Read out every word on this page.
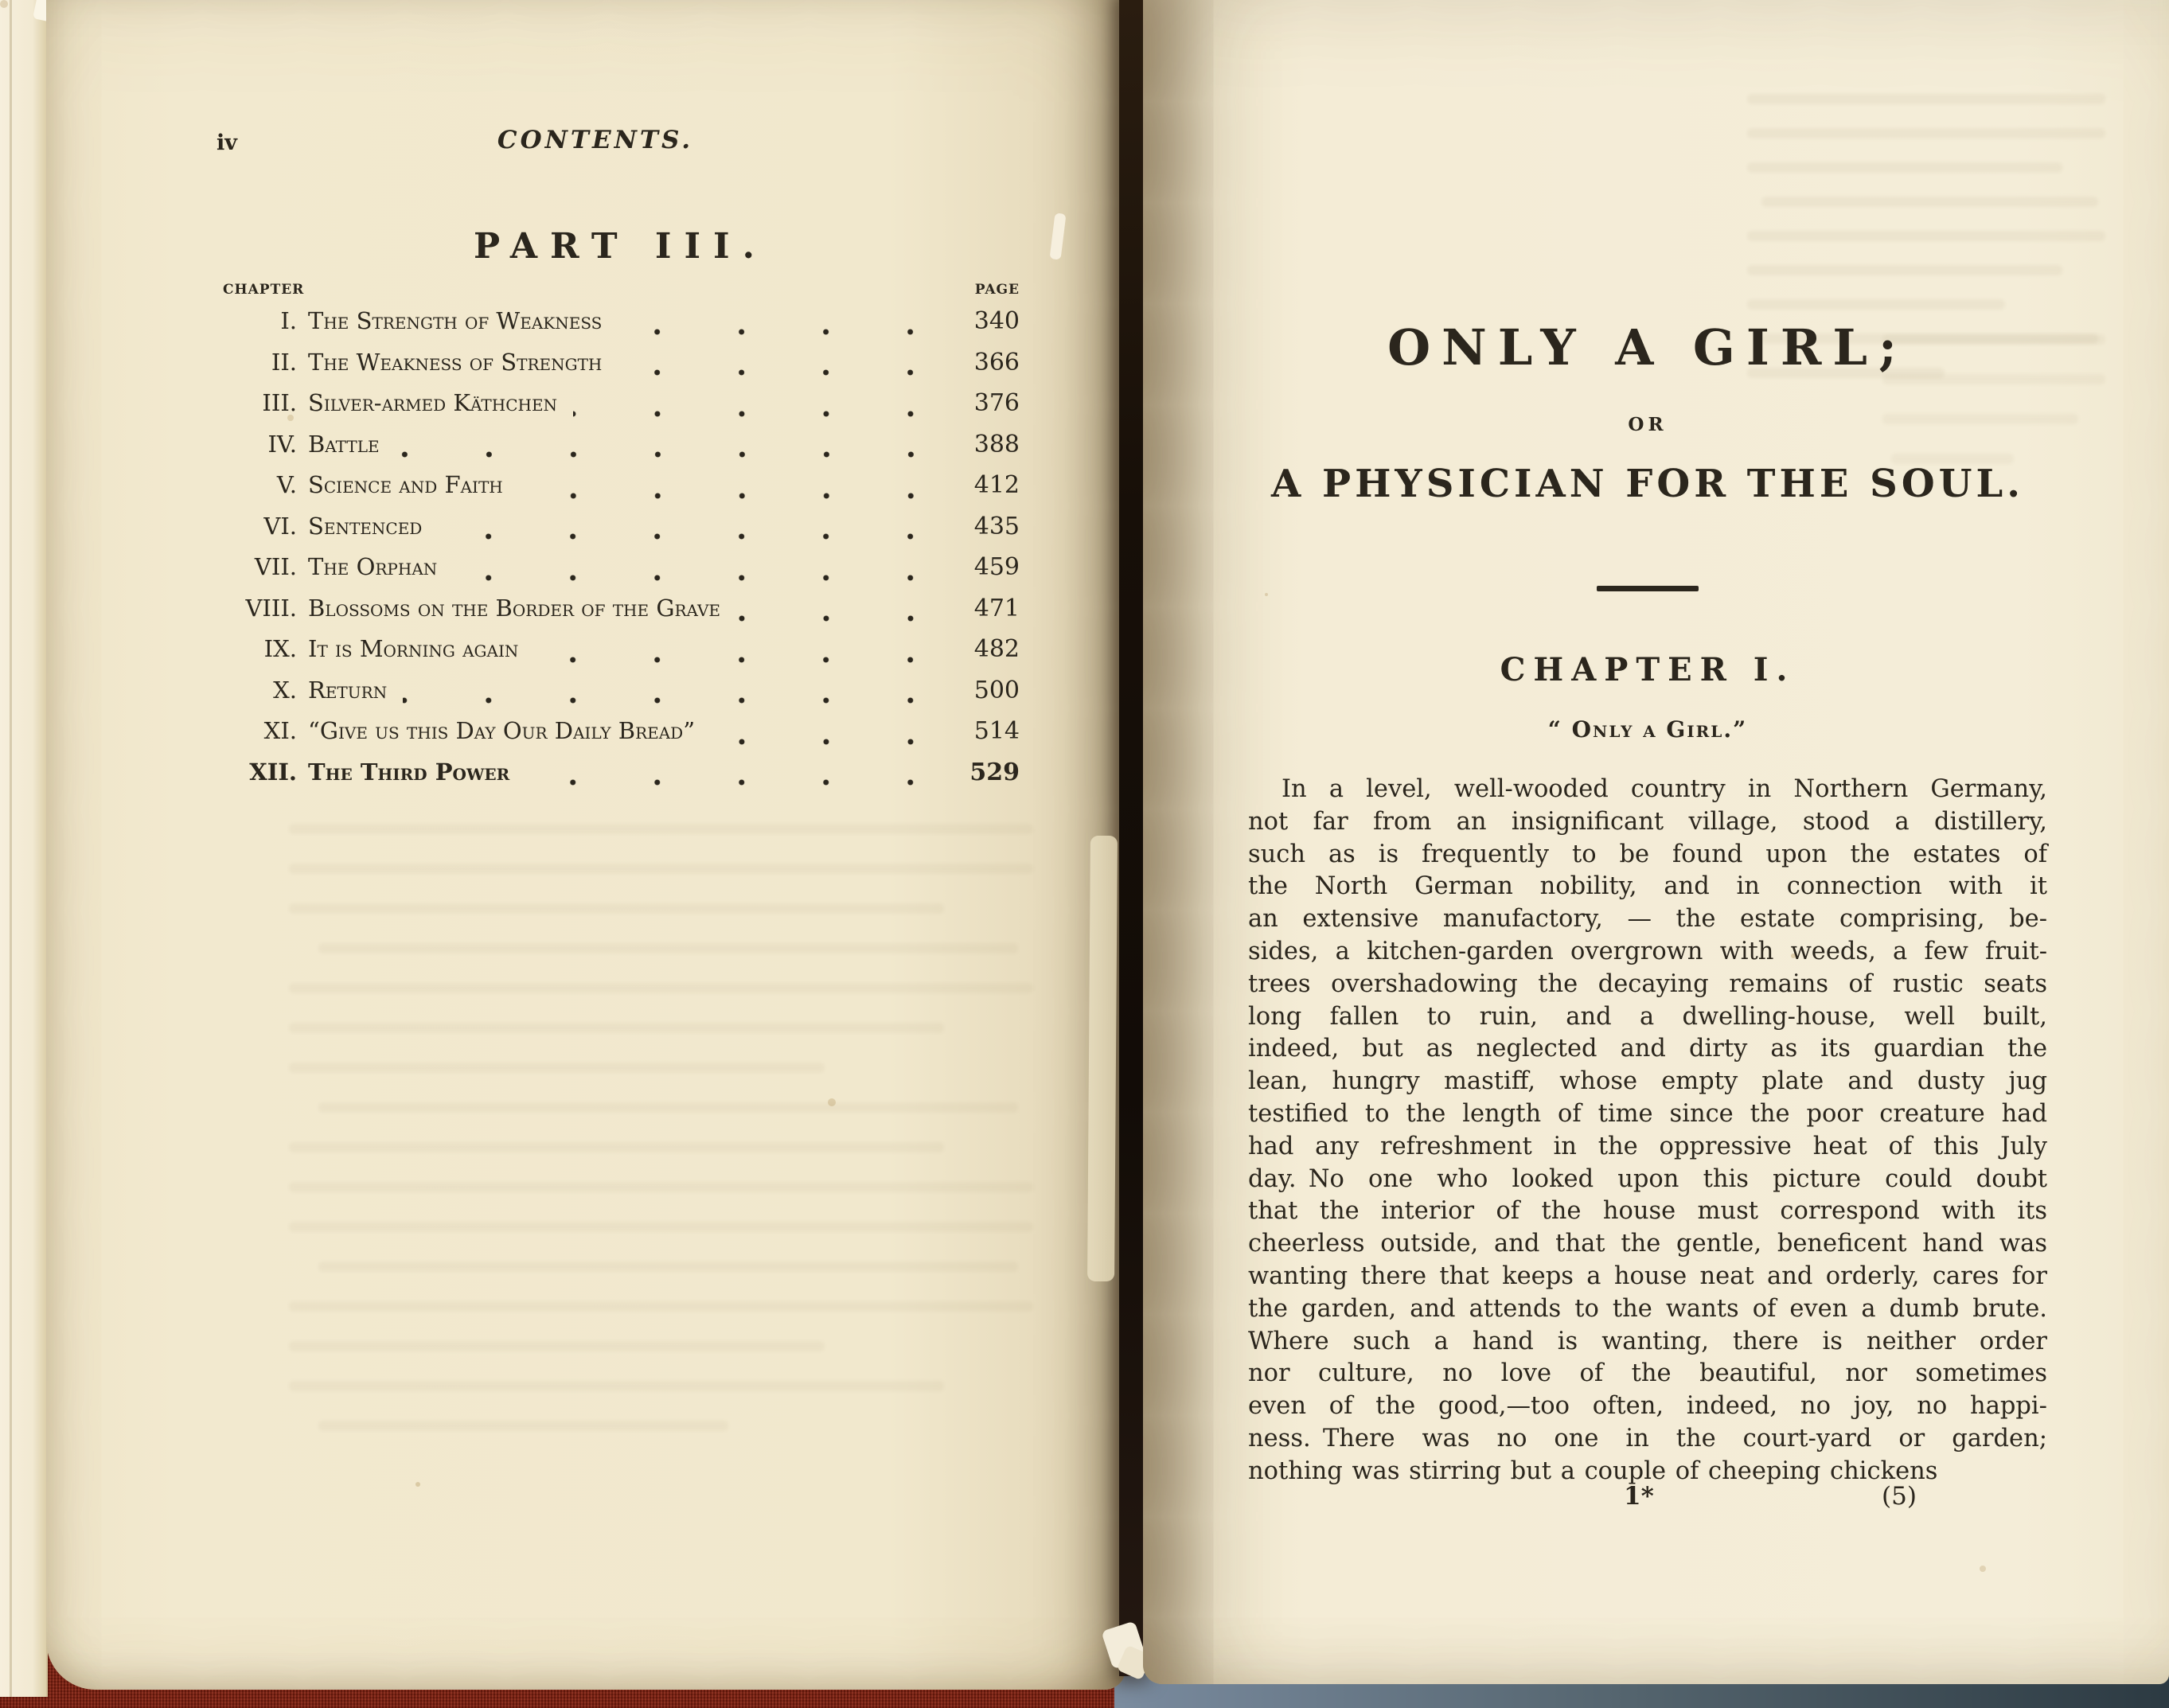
iv	CONTENTS.
PART III.
CHAPTER	PAGE
I. The Strength of Weakness	340
II. The Weakness of Strength	366
III. Silver-armed Käthchen	376
IV. Battle	388
V. Science and Faith	412
VI. Sentenced	435
VII. The Orphan	459
VIII. Blossoms on the Border of the Grave	471
IX. It is Morning again	482
X. Return	500
XI. “Give us this Day Our Daily Bread”	514
XII. The Third Power	529
ONLY A GIRL;
OR
A PHYSICIAN FOR THE SOUL.
CHAPTER I.
“ Only a Girl.”
In a level, well-wooded country in Northern Germany,
not far from an insignificant village, stood a distillery,
such as is frequently to be found upon the estates of
the North German nobility, and in connection with it
an extensive manufactory, — the estate comprising, be-
sides, a kitchen-garden overgrown with weeds, a few fruit-
trees overshadowing the decaying remains of rustic seats
long fallen to ruin, and a dwelling-house, well built,
indeed, but as neglected and dirty as its guardian the
lean, hungry mastiff, whose empty plate and dusty jug
testified to the length of time since the poor creature had
had any refreshment in the oppressive heat of this July
day. No one who looked upon this picture could doubt
that the interior of the house must correspond with its
cheerless outside, and that the gentle, beneficent hand was
wanting there that keeps a house neat and orderly, cares for
the garden, and attends to the wants of even a dumb brute.
Where such a hand is wanting, there is neither order
nor culture, no love of the beautiful, nor sometimes
even of the good,—too often, indeed, no joy, no happi-
ness. There was no one in the court-yard or garden;
nothing was stirring but a couple of cheeping chickens
1*	(5)
